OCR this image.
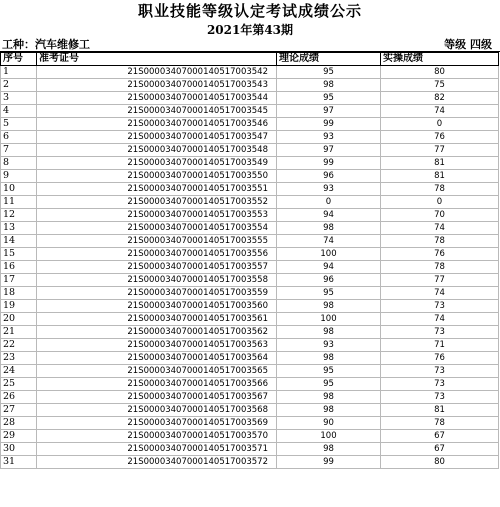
职业技能等级认定考试成绩公示
2021年第43期
工种：汽车维修工	等级 四级
序号	准考证号	理论成绩	实操成绩
1	21S00003407000140517003542	95	80
2	21S00003407000140517003543	98	75
3	21S00003407000140517003544	95	82
4	21S00003407000140517003545	97	74
5	21S00003407000140517003546	99	0
6	21S00003407000140517003547	93	76
7	21S00003407000140517003548	97	77
8	21S00003407000140517003549	99	81
9	21S00003407000140517003550	96	81
10	21S00003407000140517003551	93	78
11	21S00003407000140517003552	0	0
12	21S00003407000140517003553	94	70
13	21S00003407000140517003554	98	74
14	21S00003407000140517003555	74	78
15	21S00003407000140517003556	100	76
16	21S00003407000140517003557	94	78
17	21S00003407000140517003558	96	77
18	21S00003407000140517003559	95	74
19	21S00003407000140517003560	98	73
20	21S00003407000140517003561	100	74
21	21S00003407000140517003562	98	73
22	21S00003407000140517003563	93	71
23	21S00003407000140517003564	98	76
24	21S00003407000140517003565	95	73
25	21S00003407000140517003566	95	73
26	21S00003407000140517003567	98	73
27	21S00003407000140517003568	98	81
28	21S00003407000140517003569	90	78
29	21S00003407000140517003570	100	67
30	21S00003407000140517003571	98	67
31	21S00003407000140517003572	99	80
